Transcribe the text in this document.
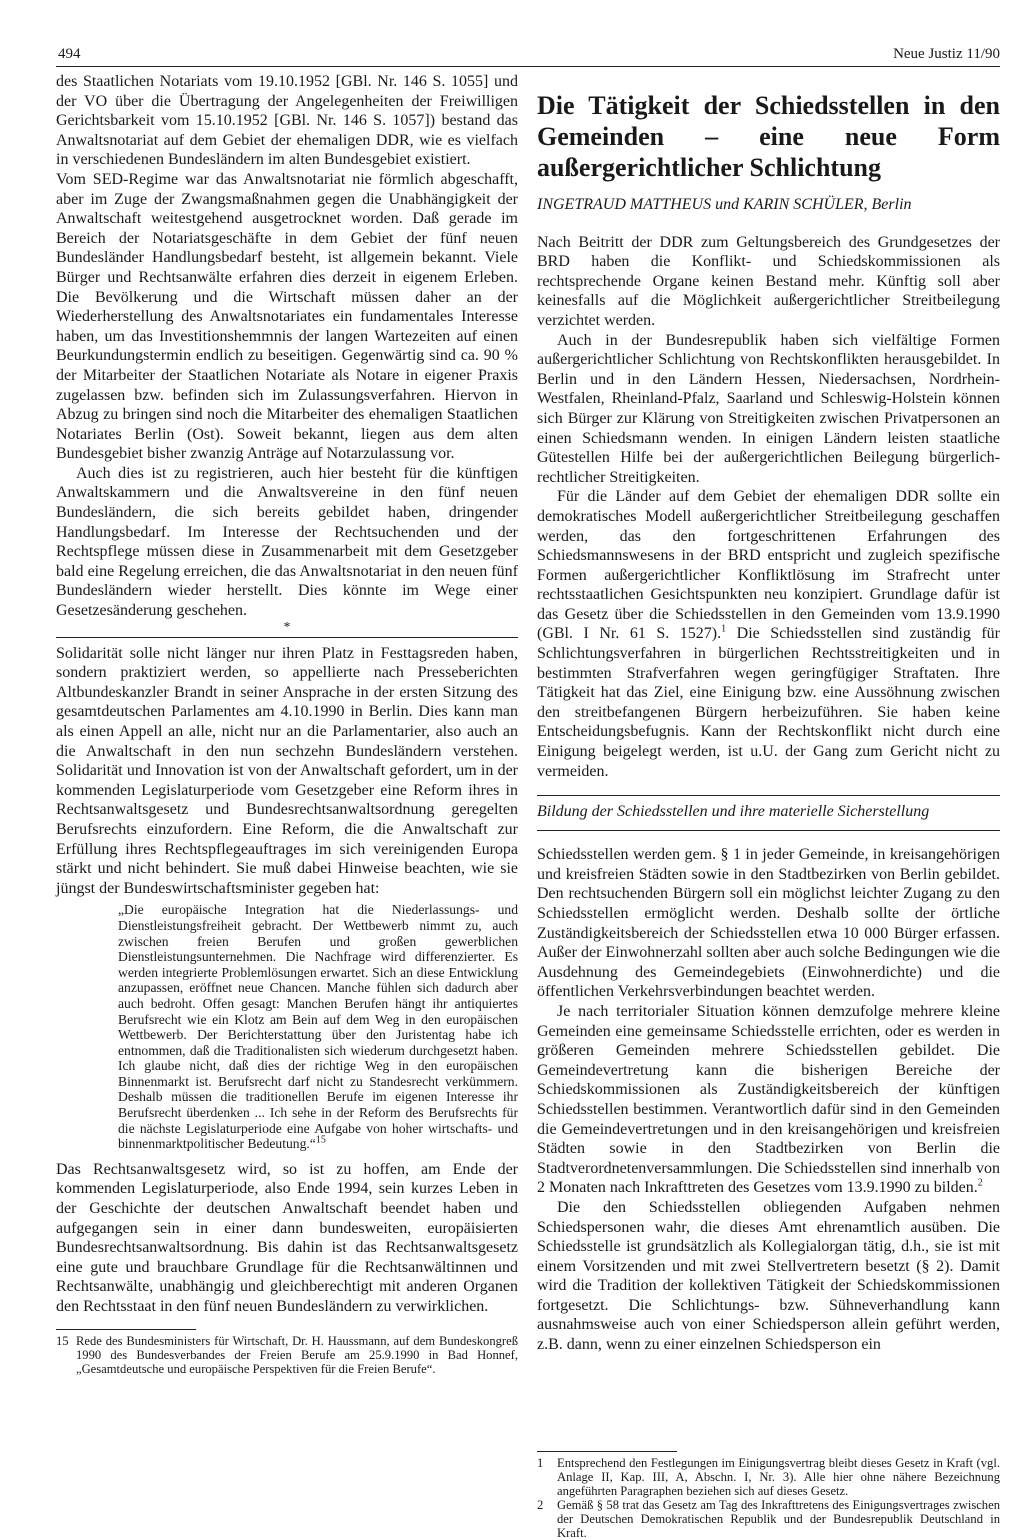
494	Neue Justiz 11/90

des Staatlichen Notariats vom 19.10.1952 [GBl. Nr. 146 S. 1055] und der VO über die Übertragung der Angelegenheiten der Freiwilligen Gerichtsbarkeit vom 15.10.1952 [GBl. Nr. 146 S. 1057]) bestand das Anwaltsnotariat auf dem Gebiet der ehemaligen DDR, wie es vielfach in verschiedenen Bundesländern im alten Bundesgebiet existiert.

Vom SED-Regime war das Anwaltsnotariat nie förmlich abgeschafft, aber im Zuge der Zwangsmaßnahmen gegen die Unabhängigkeit der Anwaltschaft weitestgehend ausgetrocknet worden. Daß gerade im Bereich der Notariatsgeschäfte in dem Gebiet der fünf neuen Bundesländer Handlungsbedarf besteht, ist allgemein bekannt. Viele Bürger und Rechtsanwälte erfahren dies derzeit in eigenem Erleben. Die Bevölkerung und die Wirtschaft müssen daher an der Wiederherstellung des Anwaltsnotariates ein fundamentales Interesse haben, um das Investitionshemmnis der langen Wartezeiten auf einen Beurkundungstermin endlich zu beseitigen. Gegenwärtig sind ca. 90 % der Mitarbeiter der Staatlichen Notariate als Notare in eigener Praxis zugelassen bzw. befinden sich im Zulassungsverfahren. Hiervon in Abzug zu bringen sind noch die Mitarbeiter des ehemaligen Staatlichen Notariates Berlin (Ost). Soweit bekannt, liegen aus dem alten Bundesgebiet bisher zwanzig Anträge auf Notarzulassung vor.

Auch dies ist zu registrieren, auch hier besteht für die künftigen Anwaltskammern und die Anwaltsvereine in den fünf neuen Bundesländern, die sich bereits gebildet haben, dringender Handlungsbedarf. Im Interesse der Rechtsuchenden und der Rechtspflege müssen diese in Zusammenarbeit mit dem Gesetzgeber bald eine Regelung erreichen, die das Anwaltsnotariat in den neuen fünf Bundesländern wieder herstellt. Dies könnte im Wege einer Gesetzesänderung geschehen.

*

Solidarität solle nicht länger nur ihren Platz in Festtagsreden haben, sondern praktiziert werden, so appellierte nach Presseberichten Altbundeskanzler Brandt in seiner Ansprache in der ersten Sitzung des gesamtdeutschen Parlamentes am 4.10.1990 in Berlin. Dies kann man als einen Appell an alle, nicht nur an die Parlamentarier, also auch an die Anwaltschaft in den nun sechzehn Bundesländern verstehen. Solidarität und Innovation ist von der Anwaltschaft gefordert, um in der kommenden Legislaturperiode vom Gesetzgeber eine Reform ihres in Rechtsanwaltsgesetz und Bundesrechtsanwaltsordnung geregelten Berufsrechts einzufordern. Eine Reform, die die Anwaltschaft zur Erfüllung ihres Rechtspflegeauftrages im sich vereinigenden Europa stärkt und nicht behindert. Sie muß dabei Hinweise beachten, wie sie jüngst der Bundeswirtschaftsminister gegeben hat:

„Die europäische Integration hat die Niederlassungs- und Dienstleistungsfreiheit gebracht. Der Wettbewerb nimmt zu, auch zwischen freien Berufen und großen gewerblichen Dienstleistungsunternehmen. Die Nachfrage wird differenzierter. Es werden integrierte Problemlösungen erwartet. Sich an diese Entwicklung anzupassen, eröffnet neue Chancen. Manche fühlen sich dadurch aber auch bedroht. Offen gesagt: Manchen Berufen hängt ihr antiquiertes Berufsrecht wie ein Klotz am Bein auf dem Weg in den europäischen Wettbewerb. Der Berichterstattung über den Juristentag habe ich entnommen, daß die Traditionalisten sich wiederum durchgesetzt haben. Ich glaube nicht, daß dies der richtige Weg in den europäischen Binnenmarkt ist. Berufsrecht darf nicht zu Standesrecht verkümmern. Deshalb müssen die traditionellen Berufe im eigenen Interesse ihr Berufsrecht überdenken ... Ich sehe in der Reform des Berufsrechts für die nächste Legislaturperiode eine Aufgabe von hoher wirtschafts- und binnenmarktpolitischer Bedeutung.“$^{15}$

Das Rechtsanwaltsgesetz wird, so ist zu hoffen, am Ende der kommenden Legislaturperiode, also Ende 1994, sein kurzes Leben in der Geschichte der deutschen Anwaltschaft beendet haben und aufgegangen sein in einer dann bundesweiten, europäisierten Bundesrechtsanwaltsordnung. Bis dahin ist das Rechtsanwaltsgesetz eine gute und brauchbare Grundlage für die Rechtsanwältinnen und Rechtsanwälte, unabhängig und gleichberechtigt mit anderen Organen den Rechtsstaat in den fünf neuen Bundesländern zu verwirklichen.

15 Rede des Bundesministers für Wirtschaft, Dr. H. Haussmann, auf dem Bundeskongreß 1990 des Bundesverbandes der Freien Berufe am 25.9.1990 in Bad Honnef, „Gesamtdeutsche und europäische Perspektiven für die Freien Berufe“.
Die Tätigkeit der Schiedsstellen in den Gemeinden – eine neue Form außergerichtlicher Schlichtung
INGETRAUD MATTHEUS und KARIN SCHÜLER, Berlin

Nach Beitritt der DDR zum Geltungsbereich des Grundgesetzes der BRD haben die Konflikt- und Schiedskommissionen als rechtsprechende Organe keinen Bestand mehr. Künftig soll aber keinesfalls auf die Möglichkeit außergerichtlicher Streitbeilegung verzichtet werden.

Auch in der Bundesrepublik haben sich vielfältige Formen außergerichtlicher Schlichtung von Rechtskonflikten herausgebildet. In Berlin und in den Ländern Hessen, Niedersachsen, Nordrhein-Westfalen, Rheinland-Pfalz, Saarland und Schleswig-Holstein können sich Bürger zur Klärung von Streitigkeiten zwischen Privatpersonen an einen Schiedsmann wenden. In einigen Ländern leisten staatliche Gütestellen Hilfe bei der außergerichtlichen Beilegung bürgerlich-rechtlicher Streitigkeiten.

Für die Länder auf dem Gebiet der ehemaligen DDR sollte ein demokratisches Modell außergerichtlicher Streitbeilegung geschaffen werden, das den fortgeschrittenen Erfahrungen des Schiedsmannswesens in der BRD entspricht und zugleich spezifische Formen außergerichtlicher Konfliktlösung im Strafrecht unter rechtsstaatlichen Gesichtspunkten neu konzipiert. Grundlage dafür ist das Gesetz über die Schiedsstellen in den Gemeinden vom 13.9.1990 (GBl. I Nr. 61 S. 1527).$^1$ Die Schiedsstellen sind zuständig für Schlichtungsverfahren in bürgerlichen Rechtsstreitigkeiten und in bestimmten Strafverfahren wegen geringfügiger Straftaten. Ihre Tätigkeit hat das Ziel, eine Einigung bzw. eine Aussöhnung zwischen den streitbefangenen Bürgern herbeizuführen. Sie haben keine Entscheidungsbefugnis. Kann der Rechtskonflikt nicht durch eine Einigung beigelegt werden, ist u.U. der Gang zum Gericht nicht zu vermeiden.

Bildung der Schiedsstellen und ihre materielle Sicherstellung

Schiedsstellen werden gem. § 1 in jeder Gemeinde, in kreisangehörigen und kreisfreien Städten sowie in den Stadtbezirken von Berlin gebildet. Den rechtsuchenden Bürgern soll ein möglichst leichter Zugang zu den Schiedsstellen ermöglicht werden. Deshalb sollte der örtliche Zuständigkeitsbereich der Schiedsstellen etwa 10 000 Bürger erfassen. Außer der Einwohnerzahl sollten aber auch solche Bedingungen wie die Ausdehnung des Gemeindegebiets (Einwohnerdichte) und die öffentlichen Verkehrsverbindungen beachtet werden.

Je nach territorialer Situation können demzufolge mehrere kleine Gemeinden eine gemeinsame Schiedsstelle errichten, oder es werden in größeren Gemeinden mehrere Schiedsstellen gebildet. Die Gemeindevertretung kann die bisherigen Bereiche der Schiedskommissionen als Zuständigkeitsbereich der künftigen Schiedsstellen bestimmen. Verantwortlich dafür sind in den Gemeinden die Gemeindevertretungen und in den kreisangehörigen und kreisfreien Städten sowie in den Stadtbezirken von Berlin die Stadtverordnetenversammlungen. Die Schiedsstellen sind innerhalb von 2 Monaten nach Inkrafttreten des Gesetzes vom 13.9.1990 zu bilden.$^2$

Die den Schiedsstellen obliegenden Aufgaben nehmen Schiedspersonen wahr, die dieses Amt ehrenamtlich ausüben. Die Schiedsstelle ist grundsätzlich als Kollegialorgan tätig, d.h., sie ist mit einem Vorsitzenden und mit zwei Stellvertretern besetzt (§ 2). Damit wird die Tradition der kollektiven Tätigkeit der Schiedskommissionen fortgesetzt. Die Schlichtungs- bzw. Sühneverhandlung kann ausnahmsweise auch von einer Schiedsperson allein geführt werden, z.B. dann, wenn zu einer einzelnen Schiedsperson ein

1 Entsprechend den Festlegungen im Einigungsvertrag bleibt dieses Gesetz in Kraft (vgl. Anlage II, Kap. III, A, Abschn. I, Nr. 3). Alle hier ohne nähere Bezeichnung angeführten Paragraphen beziehen sich auf dieses Gesetz.
2 Gemäß § 58 trat das Gesetz am Tag des Inkrafttretens des Einigungsvertrages zwischen der Deutschen Demokratischen Republik und der Bundesrepublik Deutschland in Kraft.
